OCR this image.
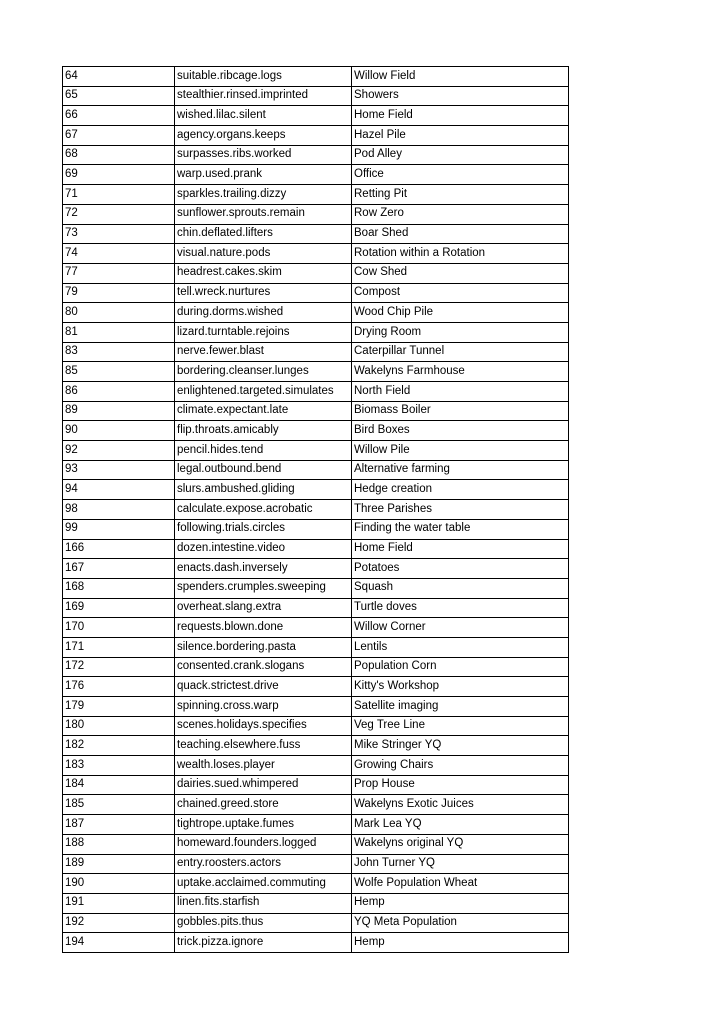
64	suitable.ribcage.logs	Willow Field
65	stealthier.rinsed.imprinted	Showers
66	wished.lilac.silent	Home Field
67	agency.organs.keeps	Hazel Pile
68	surpasses.ribs.worked	Pod Alley
69	warp.used.prank	Office
71	sparkles.trailing.dizzy	Retting Pit
72	sunflower.sprouts.remain	Row Zero
73	chin.deflated.lifters	Boar Shed
74	visual.nature.pods	Rotation within a Rotation
77	headrest.cakes.skim	Cow Shed
79	tell.wreck.nurtures	Compost
80	during.dorms.wished	Wood Chip Pile
81	lizard.turntable.rejoins	Drying Room
83	nerve.fewer.blast	Caterpillar Tunnel
85	bordering.cleanser.lunges	Wakelyns Farmhouse
86	enlightened.targeted.simulates	North Field
89	climate.expectant.late	Biomass Boiler
90	flip.throats.amicably	Bird Boxes
92	pencil.hides.tend	Willow Pile
93	legal.outbound.bend	Alternative farming
94	slurs.ambushed.gliding	Hedge creation
98	calculate.expose.acrobatic	Three Parishes
99	following.trials.circles	Finding the water table
166	dozen.intestine.video	Home Field
167	enacts.dash.inversely	Potatoes
168	spenders.crumples.sweeping	Squash
169	overheat.slang.extra	Turtle doves
170	requests.blown.done	Willow Corner
171	silence.bordering.pasta	Lentils
172	consented.crank.slogans	Population Corn
176	quack.strictest.drive	Kitty's Workshop
179	spinning.cross.warp	Satellite imaging
180	scenes.holidays.specifies	Veg Tree Line
182	teaching.elsewhere.fuss	Mike Stringer YQ
183	wealth.loses.player	Growing Chairs
184	dairies.sued.whimpered	Prop House
185	chained.greed.store	Wakelyns Exotic Juices
187	tightrope.uptake.fumes	Mark Lea YQ
188	homeward.founders.logged	Wakelyns original YQ
189	entry.roosters.actors	John Turner YQ
190	uptake.acclaimed.commuting	Wolfe Population Wheat
191	linen.fits.starfish	Hemp
192	gobbles.pits.thus	YQ Meta Population
194	trick.pizza.ignore	Hemp
